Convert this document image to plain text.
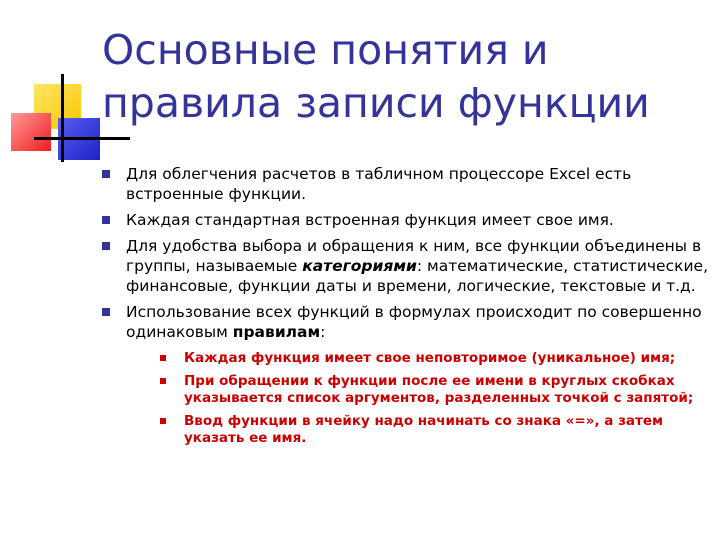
Основные понятия и
правила записи функции
Для облегчения расчетов в табличном процессоре Excel есть встроенные функции.
Каждая стандартная встроенная функция имеет свое имя.
Для удобства выбора и обращения к ним, все функции объединены в группы, называемые категориями: математические, статистические, финансовые, функции даты и времени, логические, текстовые и т.д.
Использование всех функций в формулах происходит по совершенно одинаковым правилам:
Каждая функция имеет свое неповторимое (уникальное) имя;
При обращении к функции после ее имени в круглых скобках указывается список аргументов, разделенных точкой с запятой;
Ввод функции в ячейку надо начинать со знака «=», а затем указать ее имя.
